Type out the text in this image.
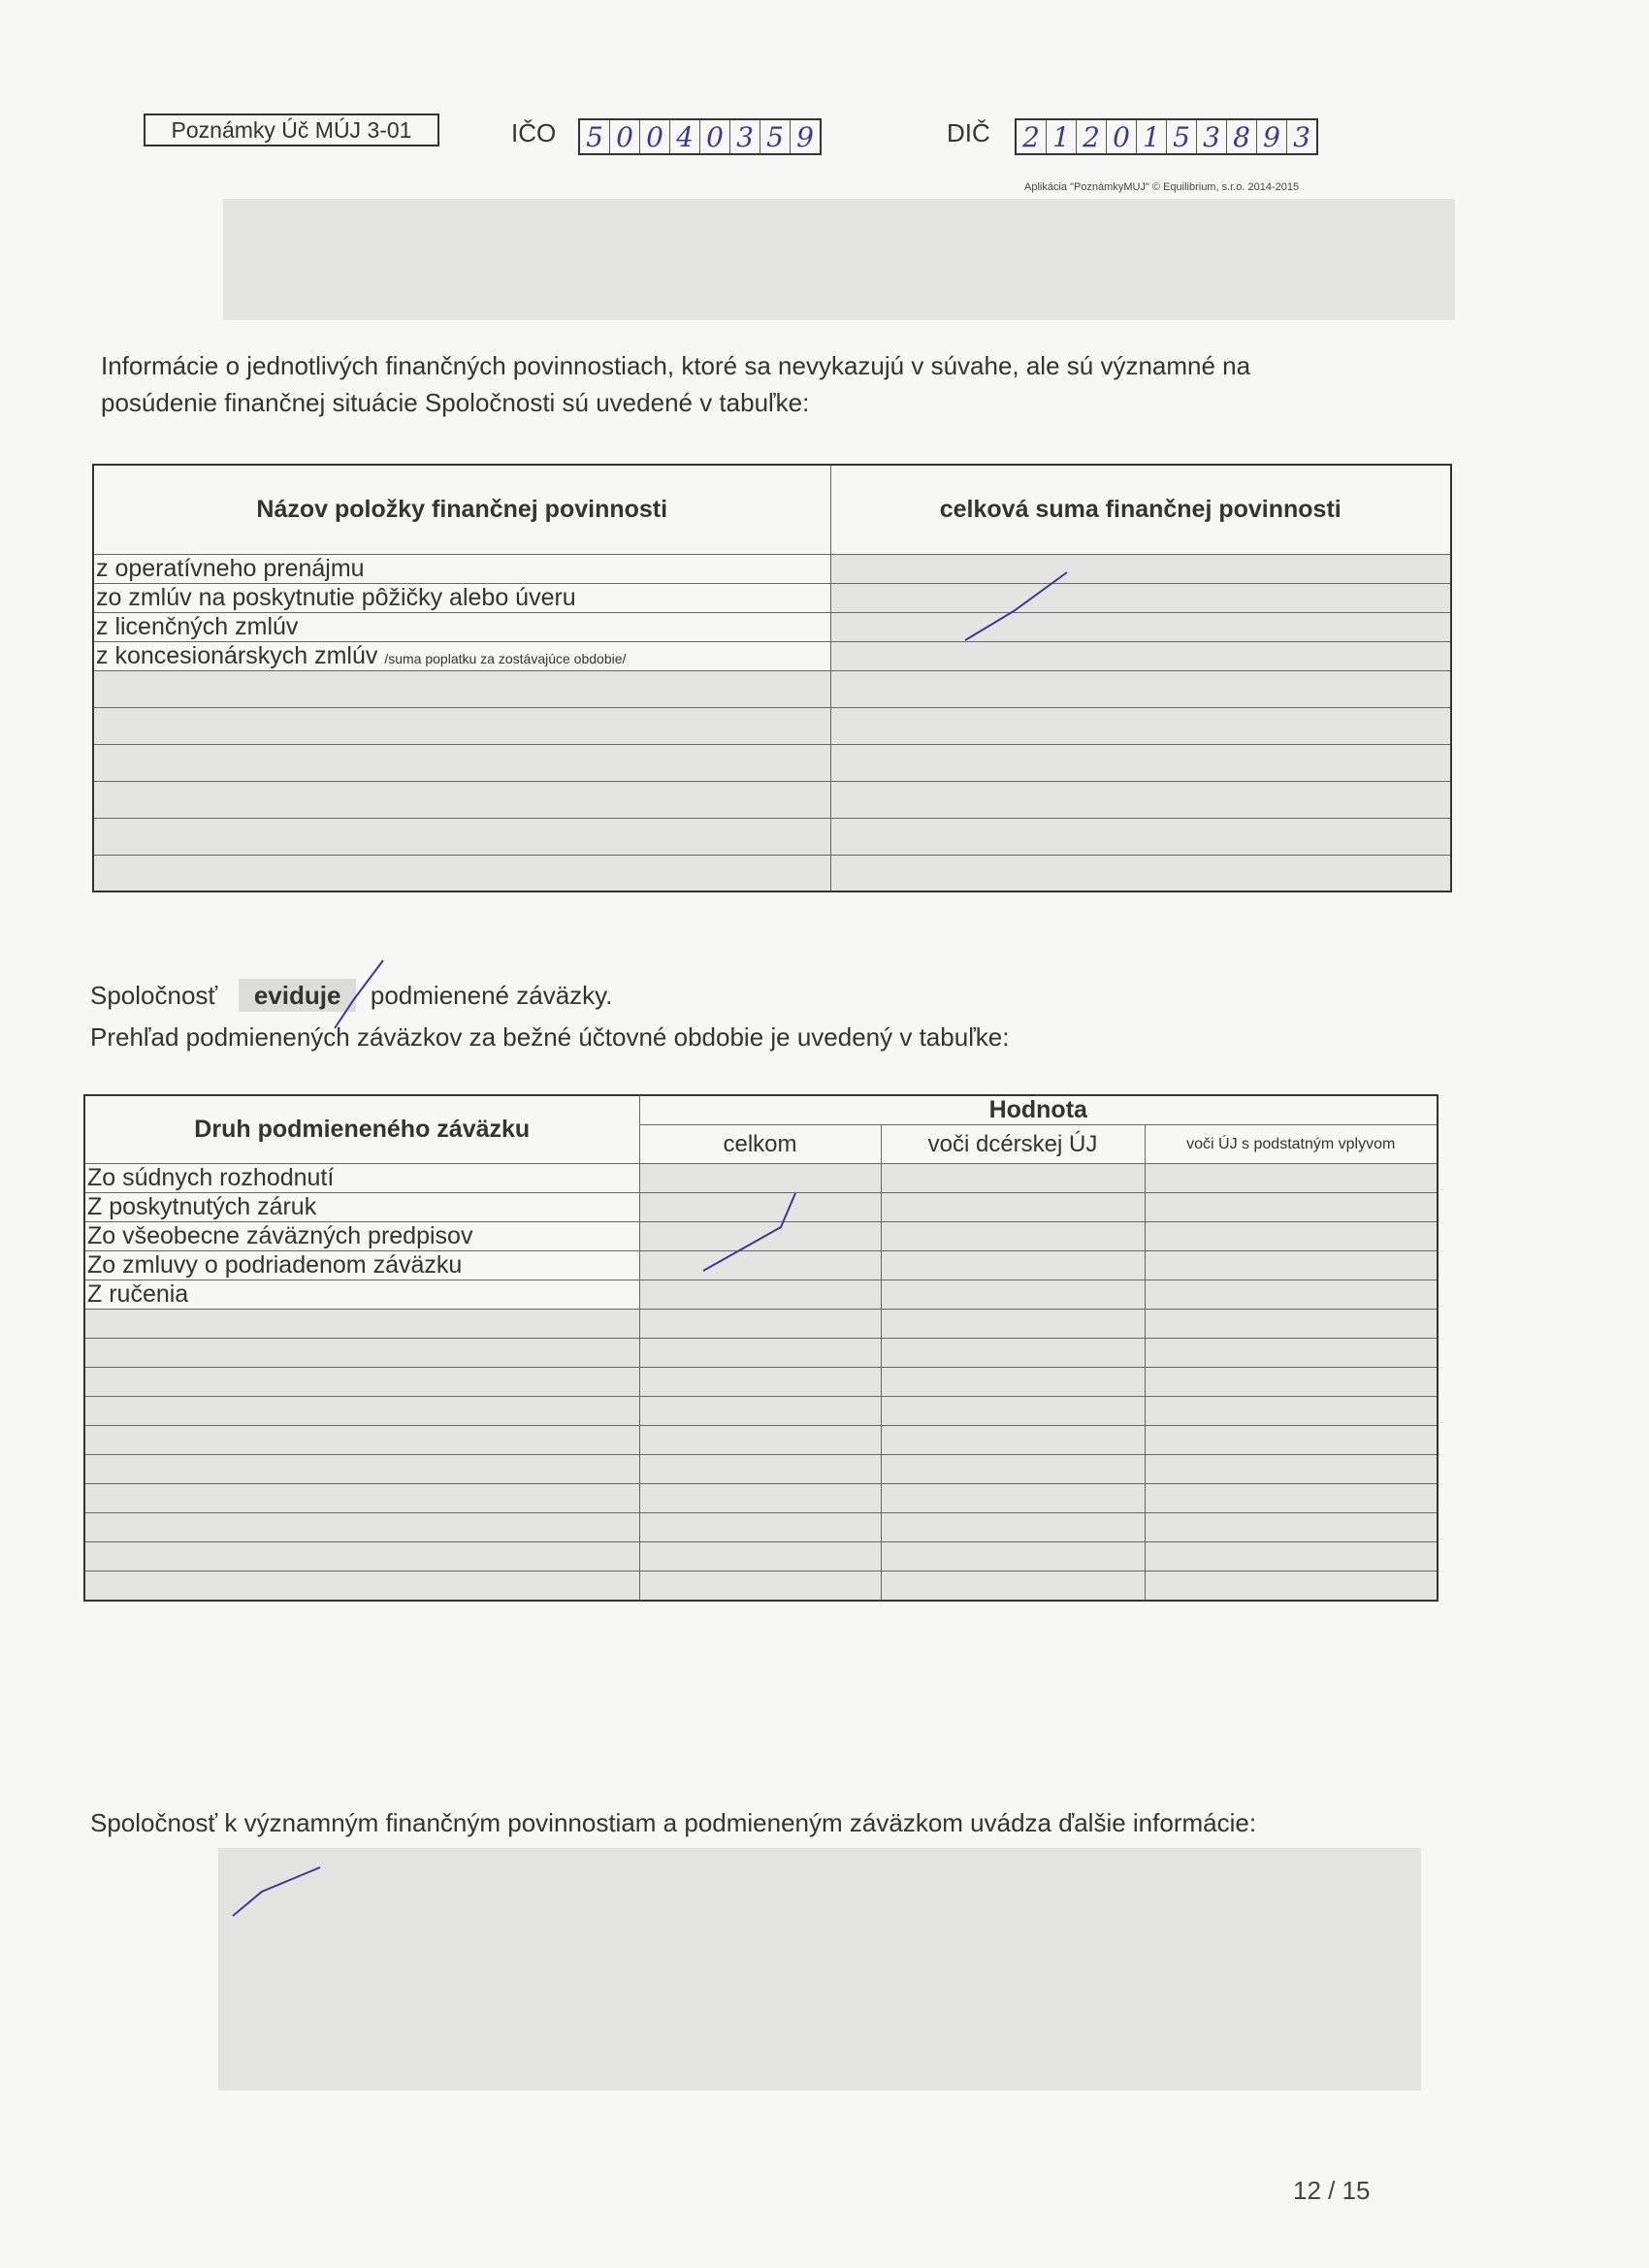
Poznámky Úč MÚJ 3-01	IČO 5 0 0 4 0 3 5 9	DIČ 2 1 2 0 1 5 3 8 9 3
Aplikácia "PoznámkyMUJ" © Equilibrium, s.r.o. 2014-2015
Informácie o jednotlivých finančných povinnostiach, ktoré sa nevykazujú v súvahe, ale sú významné na posúdenie finančnej situácie Spoločnosti sú uvedené v tabuľke:
Názov položky finančnej povinnosti	celková suma finančnej povinnosti
z operatívneho prenájmu	
zo zmlúv na poskytnutie pôžičky alebo úveru	
z licenčných zmlúv	
z koncesionárskych zmlúv /suma poplatku za zostávajúce obdobie/	

Spoločnosť eviduje podmienené záväzky.
Prehľad podmienených záväzkov za bežné účtovné obdobie je uvedený v tabuľke:
Druh podmieneného záväzku	Hodnota		
	celkom	voči dcérskej ÚJ	voči ÚJ s podstatným vplyvom
Zo súdnych rozhodnutí			
Z poskytnutých záruk			
Zo všeobecne záväzných predpisov			
Zo zmluvy o podriadenom záväzku			
Z ručenia			

Spoločnosť k významným finančným povinnostiam a podmieneným záväzkom uvádza ďalšie informácie:
12 / 15
